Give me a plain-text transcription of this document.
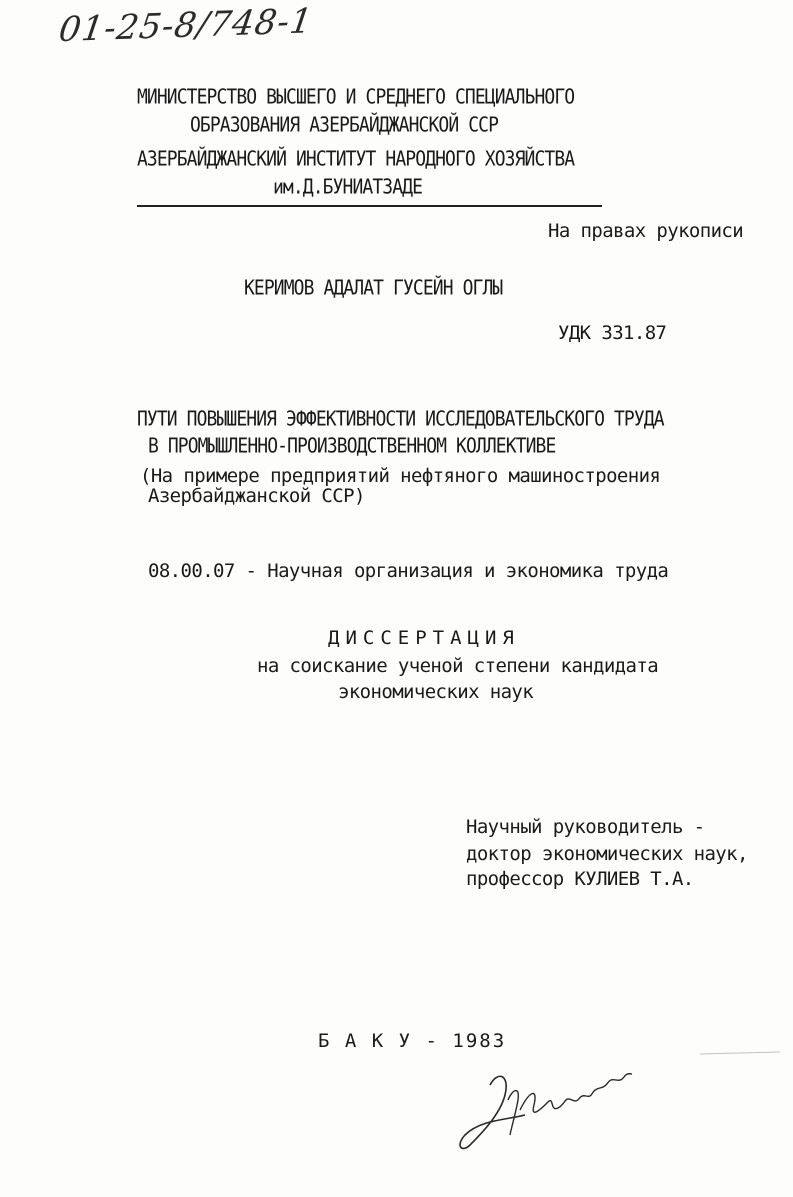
01-25-8/748-1
МИНИСТЕРСТВО ВЫСШЕГО И СРЕДНЕГО СПЕЦИАЛЬНОГО
ОБРАЗОВАНИЯ АЗЕРБАЙДЖАНСКОЙ ССР
АЗЕРБАЙДЖАНСКИЙ ИНСТИТУТ НАРОДНОГО ХОЗЯЙСТВА
им.Д.БУНИАТЗАДЕ
На правах рукописи
КЕРИМОВ АДАЛАТ ГУСЕЙН ОГЛЫ
УДК 331.87
ПУТИ ПОВЫШЕНИЯ ЭФФЕКТИВНОСТИ ИССЛЕДОВАТЕЛЬСКОГО ТРУДА
В ПРОМЫШЛЕННО-ПРОИЗВОДСТВЕННОМ КОЛЛЕКТИВЕ
(На примере предприятий нефтяного машиностроения
Азербайджанской ССР)
08.00.07 - Научная организация и экономика труда
ДИССЕРТАЦИЯ
на соискание ученой степени кандидата
экономических наук
Научный руководитель -
доктор экономических наук,
профессор КУЛИЕВ Т.А.
Б А К У - 1983
